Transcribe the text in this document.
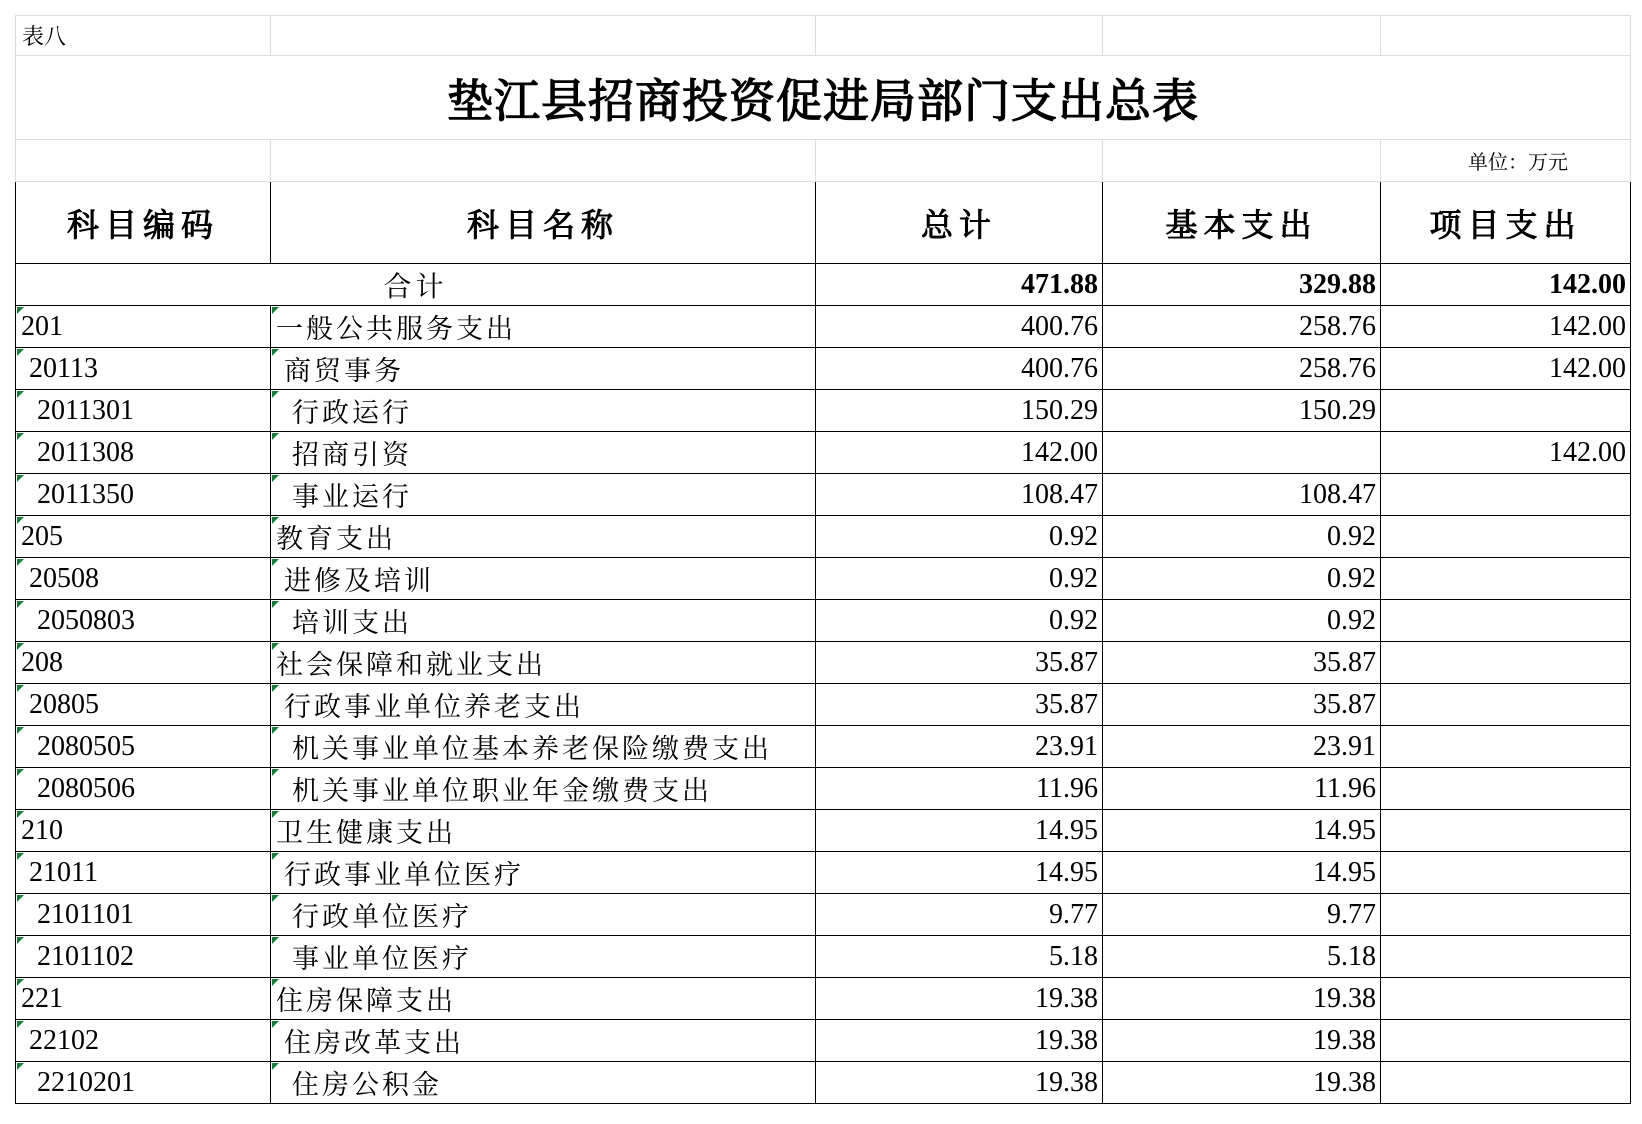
表八				
垫江县招商投资促进局部门支出总表				
				单位：万元
科目编码	科目名称	总计	基本支出	项目支出
合计		471.88	329.88	142.00
201	一般公共服务支出	400.76	258.76	142.00
20113	商贸事务	400.76	258.76	142.00
2011301	行政运行	150.29	150.29	
2011308	招商引资	142.00		142.00
2011350	事业运行	108.47	108.47	
205	教育支出	0.92	0.92	
20508	进修及培训	0.92	0.92	
2050803	培训支出	0.92	0.92	
208	社会保障和就业支出	35.87	35.87	
20805	行政事业单位养老支出	35.87	35.87	
2080505	机关事业单位基本养老保险缴费支出	23.91	23.91	
2080506	机关事业单位职业年金缴费支出	11.96	11.96	
210	卫生健康支出	14.95	14.95	
21011	行政事业单位医疗	14.95	14.95	
2101101	行政单位医疗	9.77	9.77	
2101102	事业单位医疗	5.18	5.18	
221	住房保障支出	19.38	19.38	
22102	住房改革支出	19.38	19.38	
2210201	住房公积金	19.38	19.38	
